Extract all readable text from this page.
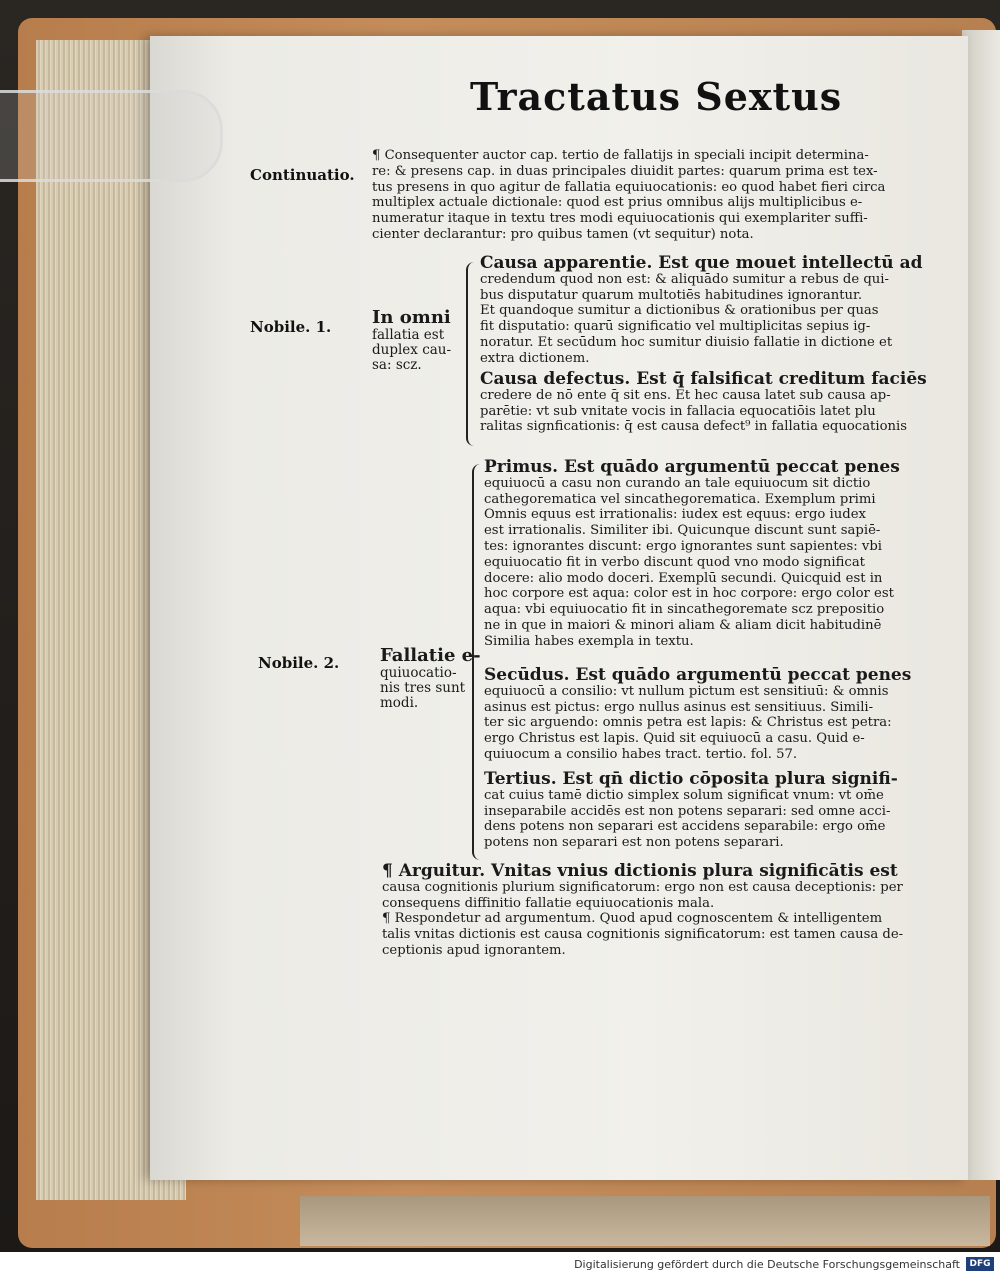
Tractatus Sextus
Continuatio.
Nobile. 1.
Nobile. 2.

¶ Consequenter auctor cap. tertio de fallatijs in speciali incipit determina-

re: & presens cap. in duas principales diuidit partes: quarum prima est tex-

tus presens in quo agitur de fallatia equiuocationis: eo quod habet fieri circa

multiplex actuale dictionale: quod est prius omnibus alijs multiplicibus e-

numeratur itaque in textu tres modi equiuocationis qui exemplariter suffi-

cienter declarantur: pro quibus tamen (vt sequitur) nota.

In omni

fallatia est

duplex cau-

sa: scz.

Causa apparentie. Est que mouet intellectū ad

credendum quod non est: & aliquādo sumitur a rebus de qui-

bus disputatur quarum multotiēs habitudines ignorantur.

Et quandoque sumitur a dictionibus & orationibus per quas

fit disputatio: quarū significatio vel multiplicitas sepius ig-

noratur. Et secūdum hoc sumitur diuisio fallatie in dictione et

extra dictionem.

Causa defectus. Est q̄ falsificat creditum faciēs

credere de nō ente q̄ sit ens. Et hec causa latet sub causa ap-

parētie: vt sub vnitate vocis in fallacia equocatiōis latet plu

ralitas signficationis: q̄ est causa defect⁹ in fallatia equocationis

Fallatie e-

quiuocatio-

nis tres sunt

modi.

Primus. Est quādo argumentū peccat penes

equiuocū a casu non curando an tale equiuocum sit dictio

cathegorematica vel sincathegorematica. Exemplum primi

Omnis equus est irrationalis: iudex est equus: ergo iudex

est irrationalis. Similiter ibi. Quicunque discunt sunt sapiē-

tes: ignorantes discunt: ergo ignorantes sunt sapientes: vbi

equiuocatio fit in verbo discunt quod vno modo significat

docere: alio modo doceri. Exemplū secundi. Quicquid est in

hoc corpore est aqua: color est in hoc corpore: ergo color est

aqua: vbi equiuocatio fit in sincathegoremate scz prepositio

ne in que in maiori & minori aliam & aliam dicit habitudinē

Similia habes exempla in textu.

Secūdus. Est quādo argumentū peccat penes

equiuocū a consilio: vt nullum pictum est sensitiuū: & omnis

asinus est pictus: ergo nullus asinus est sensitiuus. Simili-

ter sic arguendo: omnis petra est lapis: & Christus est petra:

ergo Christus est lapis. Quid sit equiuocū a casu. Quid e-

quiuocum a consilio habes tract. tertio. fol. 57.

Tertius. Est qn̄ dictio cōposita plura signifi-

cat cuius tamē dictio simplex solum significat vnum: vt om̄e

inseparabile accidēs est non potens separari: sed omne acci-

dens potens non separari est accidens separabile: ergo om̄e

potens non separari est non potens separari.

¶ Arguitur. Vnitas vnius dictionis plura significātis est

causa cognitionis plurium significatorum: ergo non est causa deceptionis: per

consequens diffinitio fallatie equiuocationis mala.

¶ Respondetur ad argumentum. Quod apud cognoscentem & intelligentem

talis vnitas dictionis est causa cognitionis significatorum: est tamen causa de-

ceptionis apud ignorantem.

Digitalisierung gefördert durch die Deutsche Forschungsgemeinschaft	DFG
